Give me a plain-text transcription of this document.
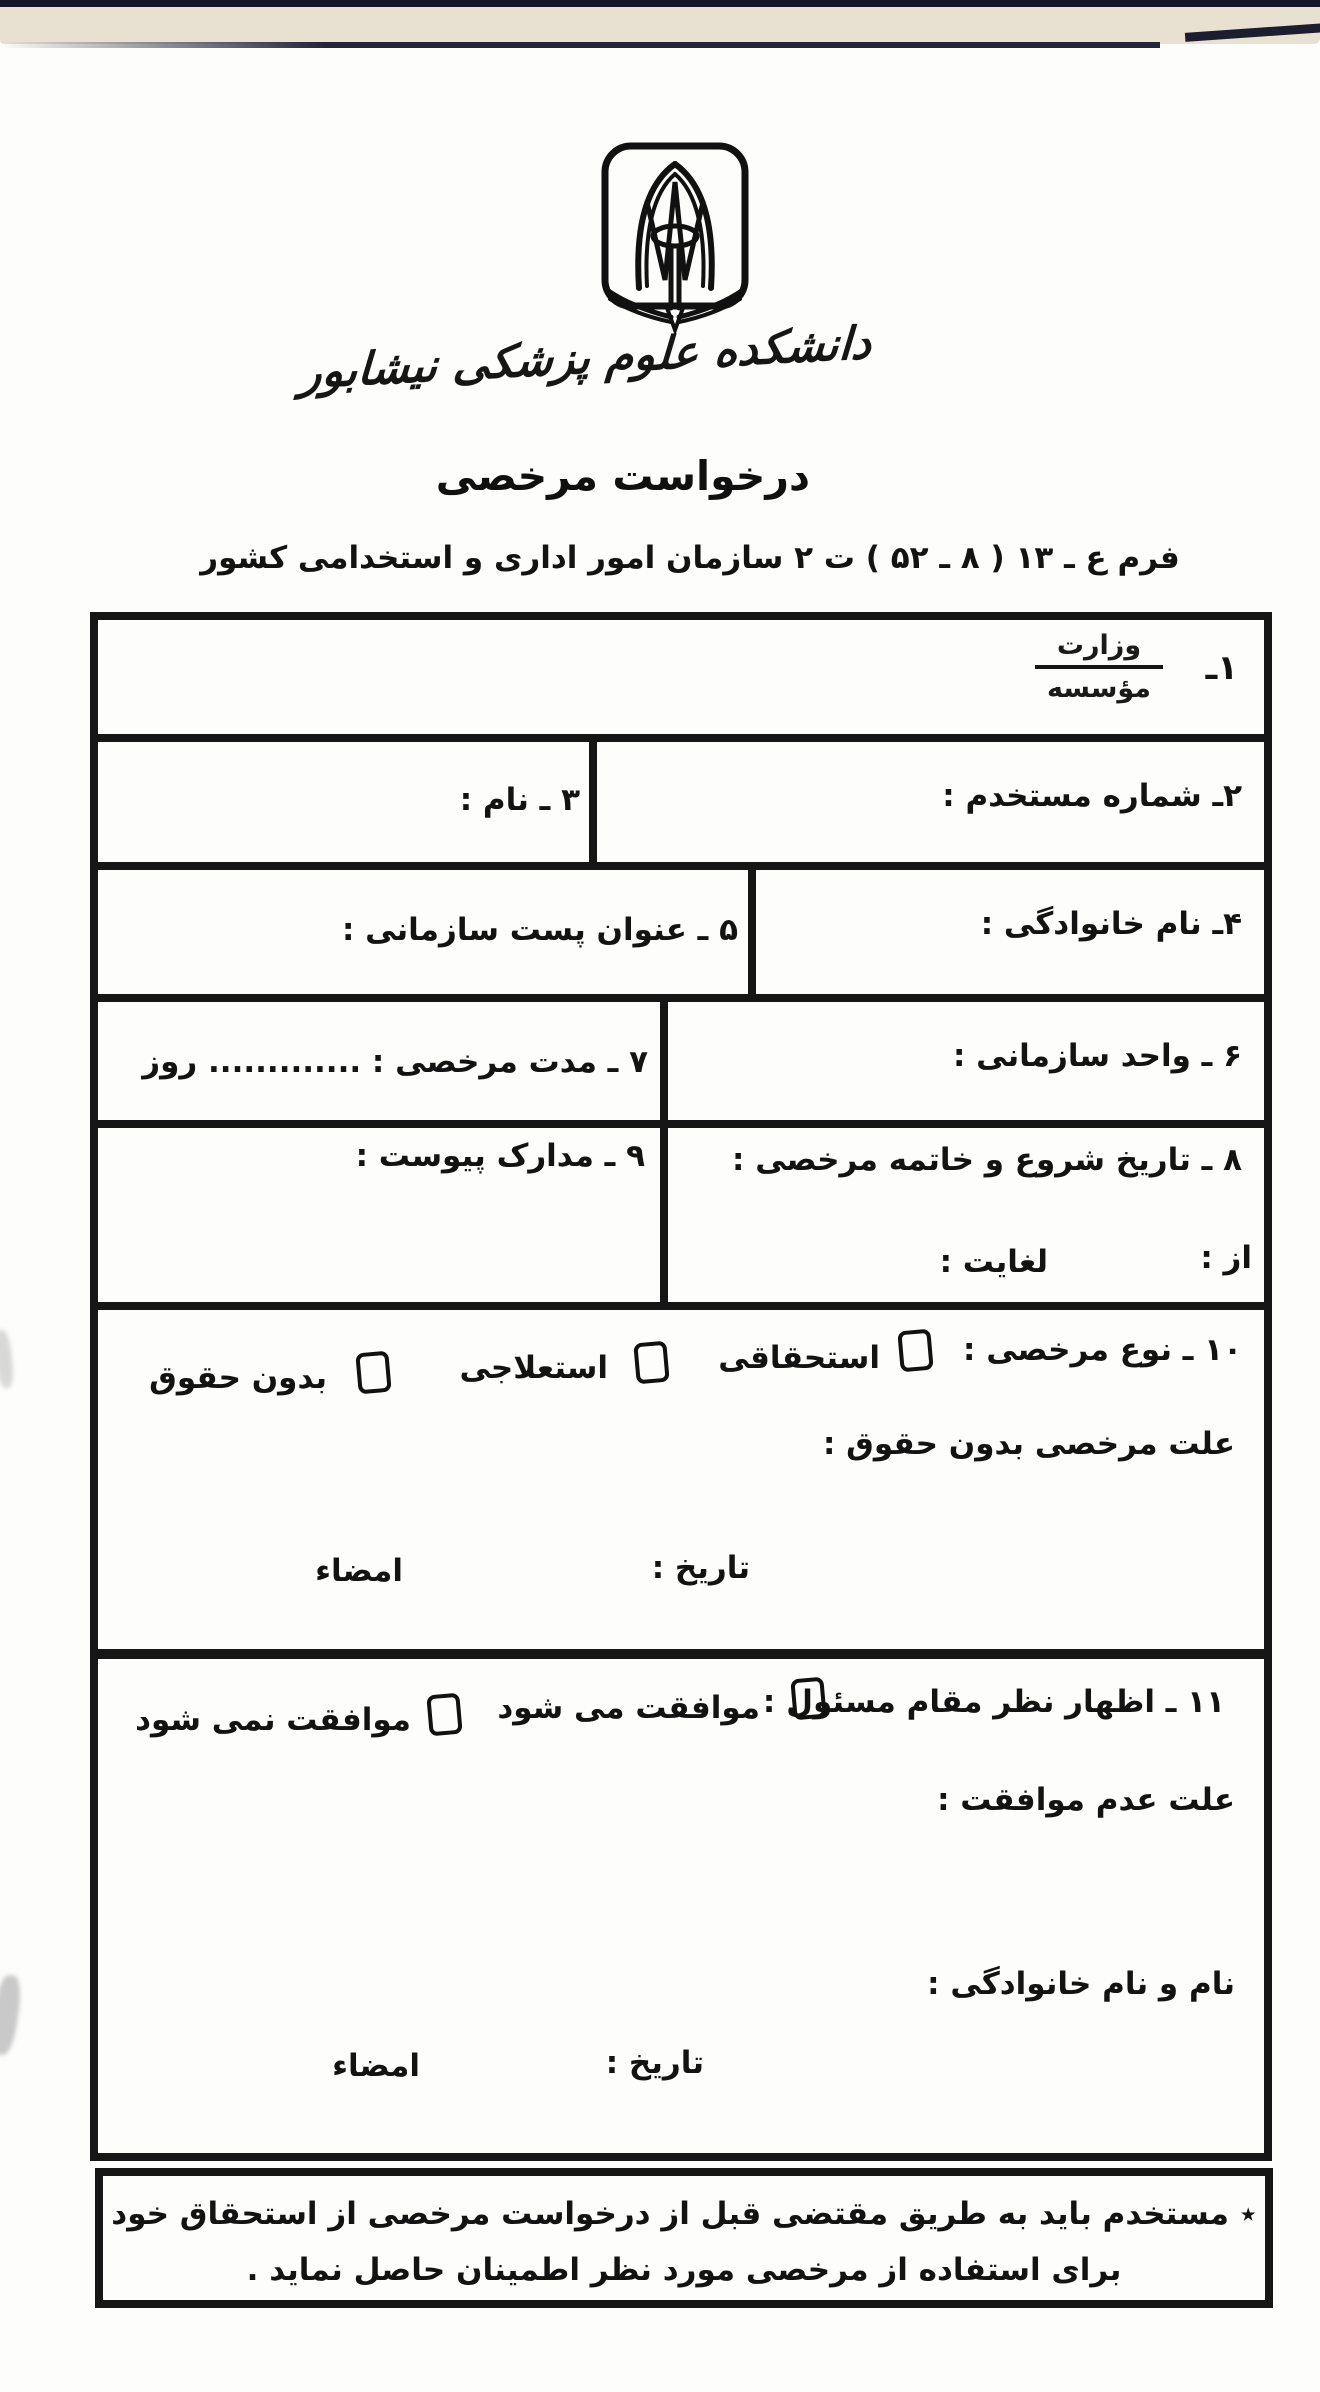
دانشکده علوم پزشکی نیشابور
درخواست مرخصی
فرم ع ـ ۱۳ ( ۸ ـ ۵۲ ) ت ۲ سازمان امور اداری و استخدامی کشور
۱ـ
وزارت
مؤسسه
۲ـ شماره مستخدم :
۳ ـ نام :
۴ـ نام خانوادگی :
۵ ـ عنوان پست سازمانی :
۶ ـ واحد سازمانی :
۷ ـ مدت مرخصی : ............. روز
۸ ـ تاریخ شروع و خاتمه مرخصی :
از :
لغایت :
۹ ـ مدارک پیوست :
۱۰ ـ نوع مرخصی :
استحقاقی
استعلاجی
بدون حقوق
علت مرخصی بدون حقوق :
تاریخ :
امضاء
۱۱ ـ اظهار نظر مقام مسئول :
موافقت می شود
موافقت نمی شود
علت عدم موافقت :
نام و نام خانوادگی :
تاریخ :
امضاء
٭ مستخدم باید به طریق مقتضی قبل از درخواست مرخصی از استحقاق خود
برای استفاده از مرخصی مورد نظر اطمینان حاصل نماید .
